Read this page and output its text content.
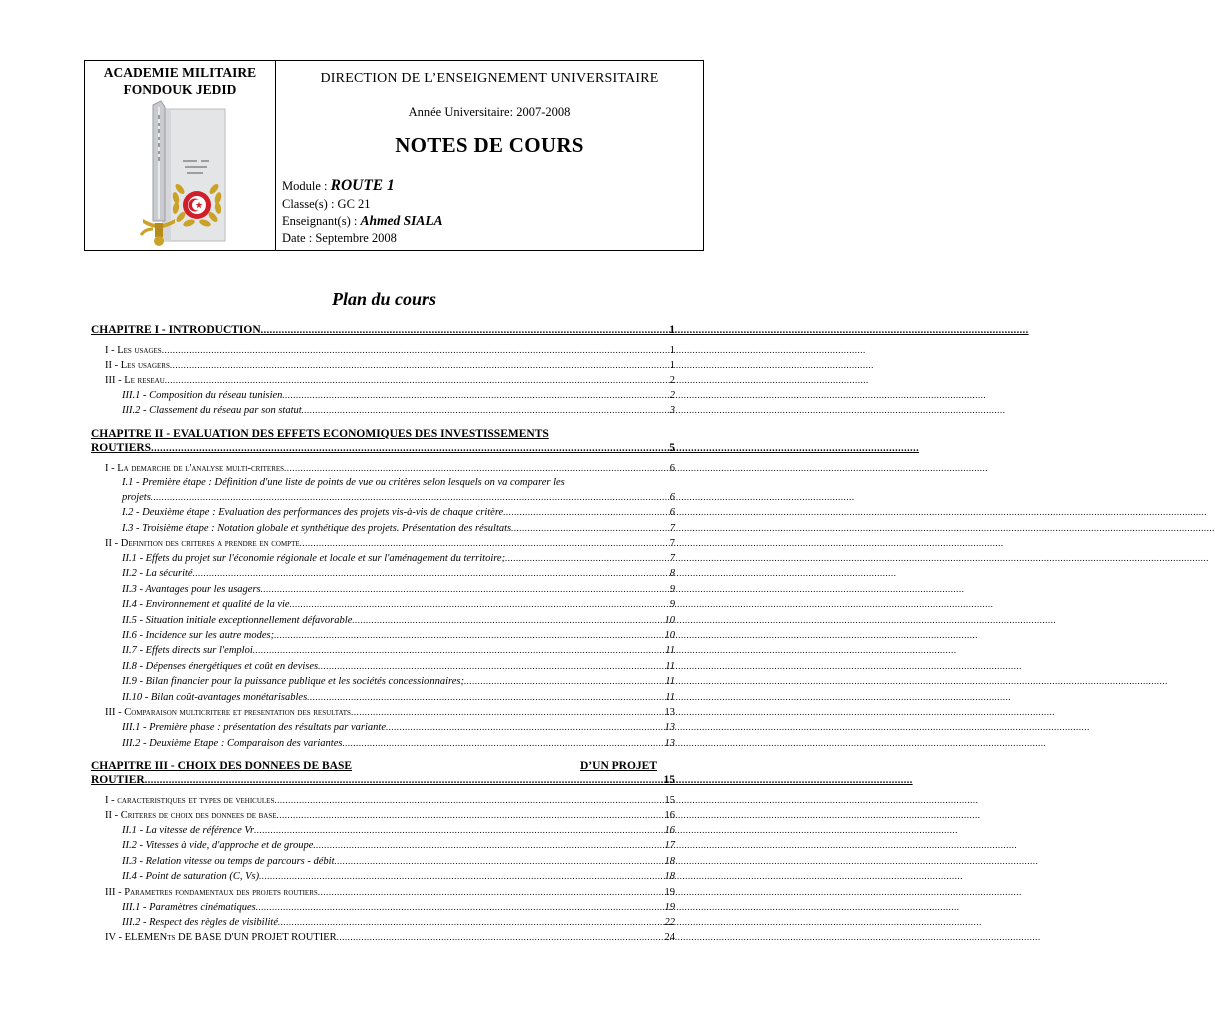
ACADEMIE MILITAIRE
FONDOUK JEDID
DIRECTION DE L’ENSEIGNEMENT UNIVERSITAIRE
Année Universitaire: 2007-2008
NOTES DE COURS
Module : ROUTE 1
Classe(s) : GC 21
Enseignant(s) : Ahmed SIALA
Date : Septembre 2008
Plan du cours
CHAPITRE I - INTRODUCTION .....	1
I - Les usages .....	1
II - Les usagers .....	1
III - Le reseau .....	2
III.1 - Composition du réseau tunisien .....	2
III.2 - Classement du réseau par son statut .....	3
CHAPITRE II - EVALUATION DES EFFETS ECONOMIQUES DES INVESTISSEMENTS
ROUTIERS .....	5
I - La demarche de l'analyse multi-criteres .....	6
I.1 - Première étape : Définition d'une liste de points de vue ou critères selon lesquels on va comparer les
projets .....	6
I.2 - Deuxième étape : Evaluation des performances des projets vis-à-vis de chaque critère .....	6
I.3 - Troisième étape : Notation globale et synthétique des projets. Présentation des résultats .....	7
II - Definition des criteres a prendre en compte .....	7
II.1 - Effets du projet sur l'économie régionale et locale et sur l'aménagement du territoire; .....	7
II.2 - La sécurité .....	8
II.3 - Avantages pour les usagers .....	9
II.4 - Environnement et qualité de la vie .....	9
II.5 - Situation initiale exceptionnellement défavorable .....	10
II.6 - Incidence sur les autre modes; .....	10
II.7 - Effets directs sur l'emploi .....	11
II.8 - Dépenses énergétiques et coût en devises .....	11
II.9 - Bilan financier pour la puissance publique et les sociétés concessionnaires; .....	11
II.10 - Bilan coût-avantages monétarisables .....	11
III - Comparaison multicritere et presentation des resultats .....	13
III.1 - Première phase : présentation des résultats par variante .....	13
III.2 - Deuxième Etape : Comparaison des variantes .....	13
CHAPITRE III - CHOIX DES DONNEES DE BASE	D’UN PROJET
ROUTIER .....	15
I - caracteristiques et types de vehicules .....	15
II - Criteres de choix des donnees de base .....	16
II.1 - La vitesse de référence Vr .....	16
II.2 - Vitesses à vide, d'approche et de groupe .....	17
II.3 - Relation vitesse ou temps de parcours - débit .....	18
II.4 - Point de saturation (C, Vs) .....	18
III - Parametres fondamentaux des projets routiers .....	19
III.1 - Paramètres cinématiques .....	19
III.2 - Respect des règles de visibilité .....	22
IV - ELEMENts DE BASE D'UN PROJET ROUTIER .....	24
